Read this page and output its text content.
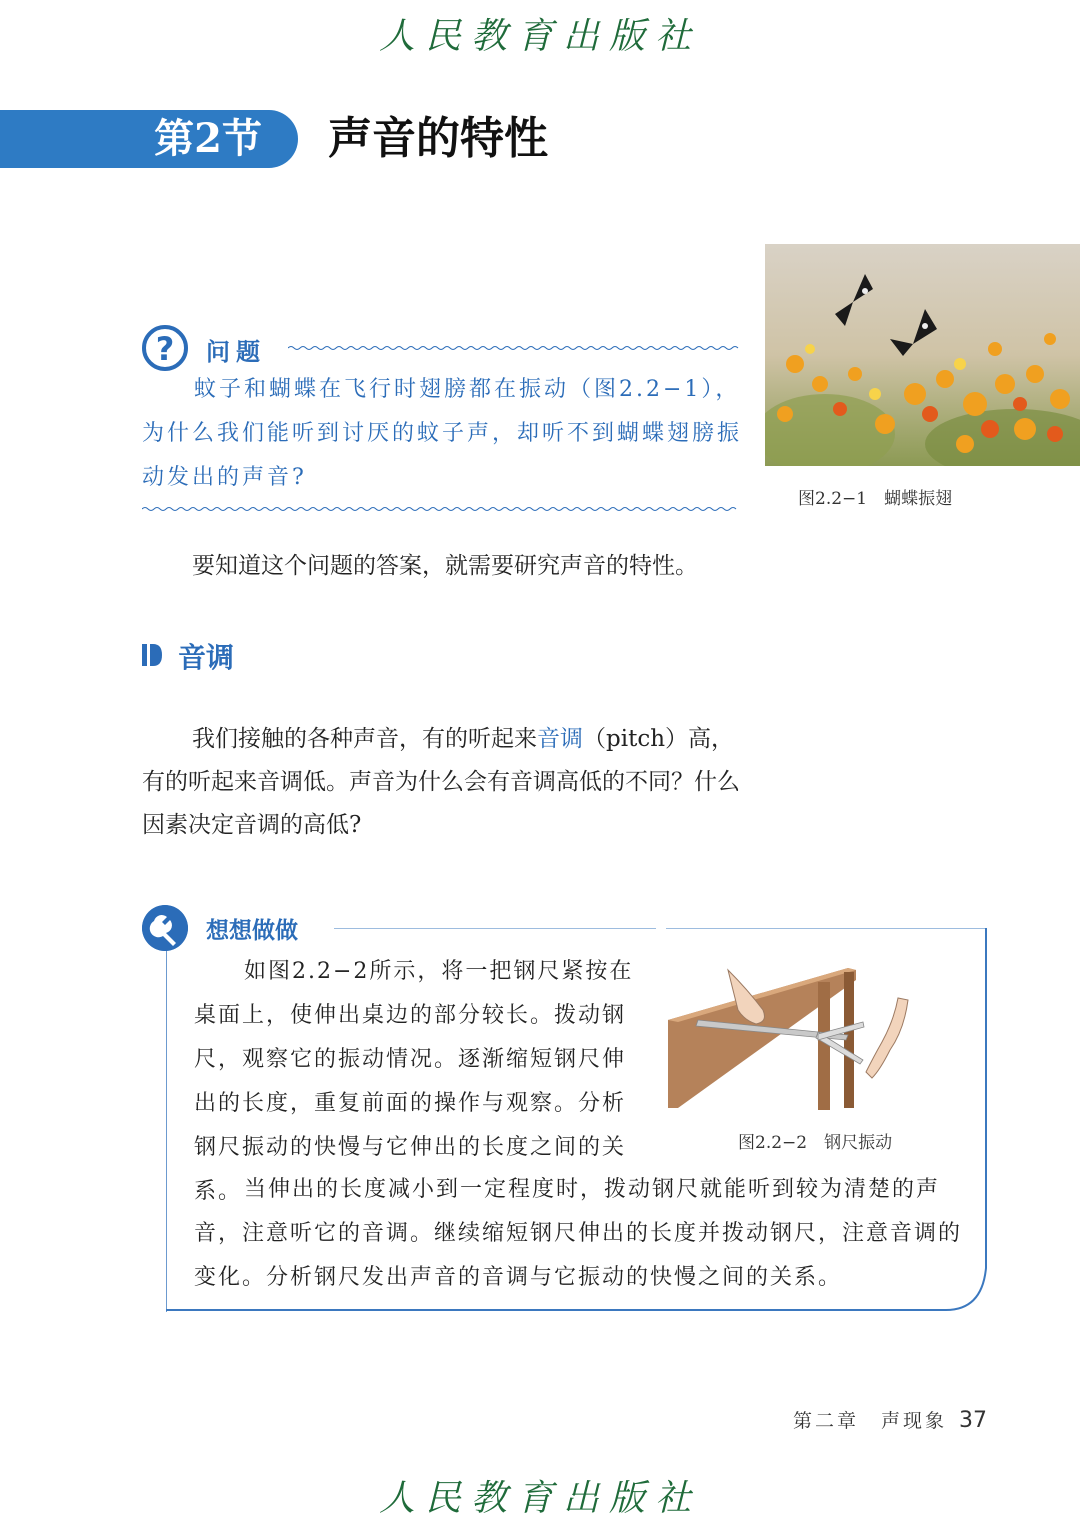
人民教育出版社
第2节	声音的特性
图2.2−1　蝴蝶振翅
?	问题
蚊子和蝴蝶在飞行时翅膀都在振动（图2.2−1），为什么我们能听到讨厌的蚊子声，却听不到蝴蝶翅膀振动发出的声音?
要知道这个问题的答案，就需要研究声音的特性。
音调
我们接触的各种声音，有的听起来音调（pitch）高，有的听起来音调低。声音为什么会有音调高低的不同？什么因素决定音调的高低?
想想做做
如图2.2−2所示，将一把钢尺紧按在桌面上，使伸出桌边的部分较长。拨动钢尺，观察它的振动情况。逐渐缩短钢尺伸出的长度，重复前面的操作与观察。分析钢尺振动的快慢与它伸出的长度之间的关系。
图2.2−2　钢尺振动
当伸出的长度减小到一定程度时，拨动钢尺就能听到较为清楚的声音，注意听它的音调。继续缩短钢尺伸出的长度并拨动钢尺，注意音调的变化。分析钢尺发出声音的音调与它振动的快慢之间的关系。
第二章　声现象 37
人民教育出版社
